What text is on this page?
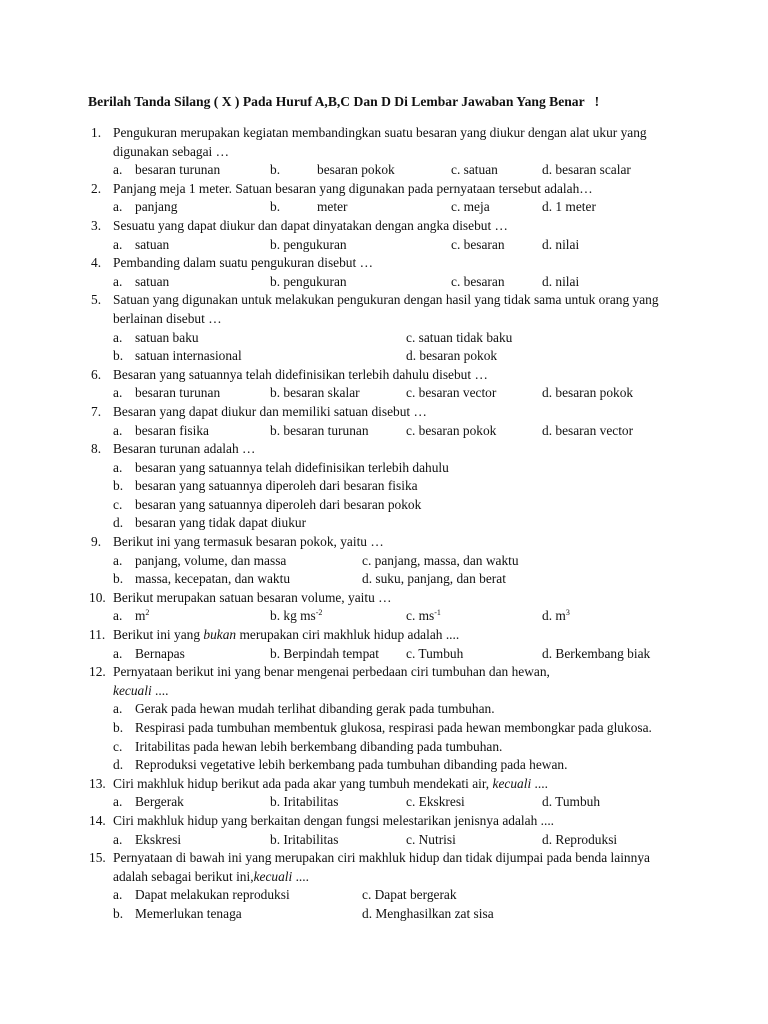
Berilah Tanda Silang ( X ) Pada Huruf A,B,C Dan D Di Lembar Jawaban Yang Benar   !
1. Pengukuran merupakan kegiatan membandingkan suatu besaran yang diukur dengan alat ukur yang digunakan sebagai …
a. besaran turunan	b.	besaran pokok	c. satuan	d. besaran scalar
2. Panjang meja 1 meter. Satuan besaran yang digunakan pada pernyataan tersebut adalah…
a. panjang	b.	meter	c. meja	d. 1 meter
3. Sesuatu yang dapat diukur dan dapat dinyatakan dengan angka disebut …
a. satuan	b. pengukuran	c. besaran	d. nilai
4. Pembanding dalam suatu pengukuran disebut …
a. satuan	b. pengukuran	c. besaran	d. nilai
5. Satuan yang digunakan untuk melakukan pengukuran dengan hasil yang tidak sama untuk orang yang berlainan disebut …
a. satuan baku	c. satuan tidak baku
b. satuan internasional	d. besaran pokok
6. Besaran yang satuannya telah didefinisikan terlebih dahulu disebut …
a. besaran turunan	b. besaran skalar	c. besaran vector	d. besaran pokok
7. Besaran yang dapat diukur dan memiliki satuan disebut …
a. besaran fisika	b. besaran turunan	c. besaran pokok	d. besaran vector
8. Besaran turunan adalah …
a. besaran yang satuannya telah didefinisikan terlebih dahulu
b. besaran yang satuannya diperoleh dari besaran fisika
c. besaran yang satuannya diperoleh dari besaran pokok
d. besaran yang tidak dapat diukur
9. Berikut ini yang termasuk besaran pokok, yaitu …
a. panjang, volume, dan massa	c. panjang, massa, dan waktu
b. massa, kecepatan, dan waktu	d. suku, panjang, dan berat
10. Berikut merupakan satuan besaran volume, yaitu …
a. $m^2$	b. kg $ms^{-2}$	c. $ms^{-1}$	d. $m^3$
11. Berikut ini yang bukan merupakan ciri makhluk hidup adalah ....
a. Bernapas	b. Berpindah tempat c. Tumbuh	d. Berkembang biak
12. Pernyataan berikut ini yang benar mengenai perbedaan ciri tumbuhan dan hewan,
kecuali ....
a. Gerak pada hewan mudah terlihat dibanding gerak pada tumbuhan.
b. Respirasi pada tumbuhan membentuk glukosa, respirasi pada hewan membongkar pada glukosa.
c. Iritabilitas pada hewan lebih berkembang dibanding pada tumbuhan.
d. Reproduksi vegetative lebih berkembang pada tumbuhan dibanding pada hewan.
13. Ciri makhluk hidup berikut ada pada akar yang tumbuh mendekati air, kecuali ....
a. Bergerak	b. Iritabilitas	c. Ekskresi	d. Tumbuh
14. Ciri makhluk hidup yang berkaitan dengan fungsi melestarikan jenisnya adalah ....
a. Ekskresi	b. Iritabilitas	c. Nutrisi	d. Reproduksi
15. Pernyataan di bawah ini yang merupakan ciri makhluk hidup dan tidak dijumpai pada benda lainnya
adalah sebagai berikut ini,kecuali ....
a. Dapat melakukan reproduksi	c. Dapat bergerak
b. Memerlukan tenaga	d. Menghasilkan zat sisa
